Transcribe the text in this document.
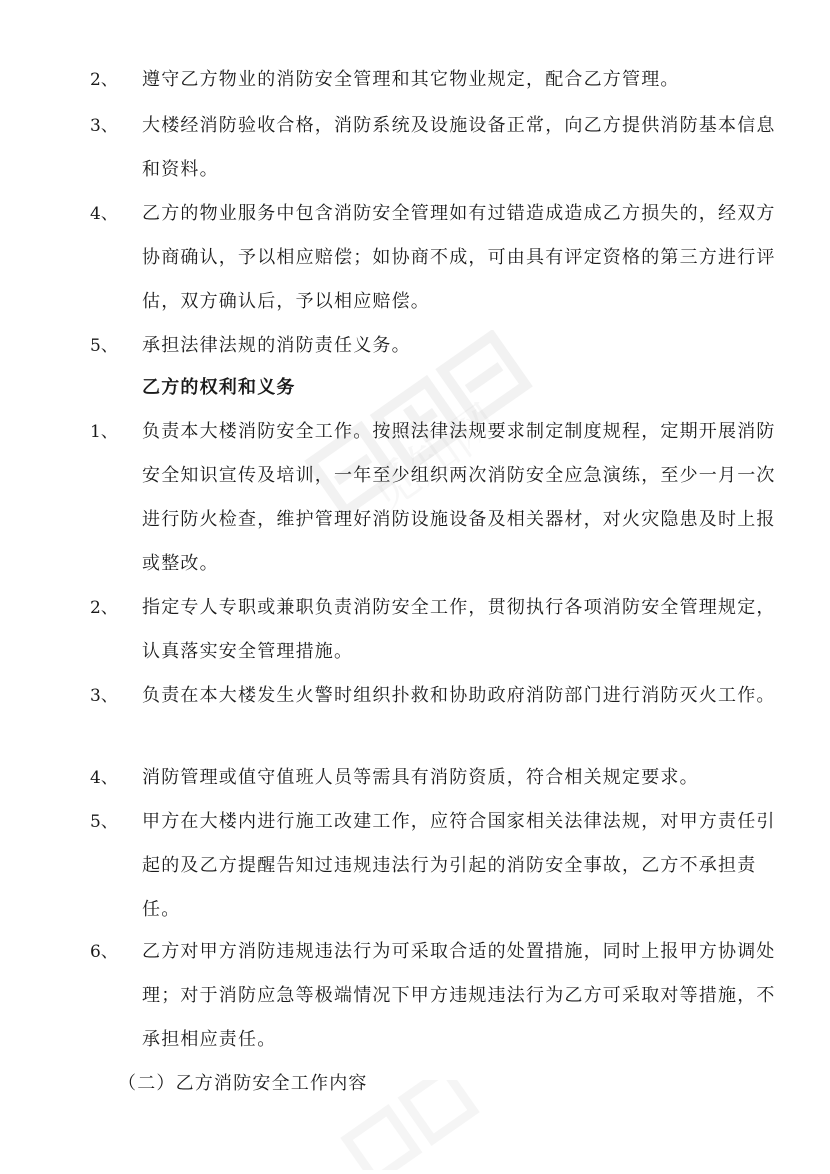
2、	遵守乙方物业的消防安全管理和其它物业规定，配合乙方管理。
3、	大楼经消防验收合格，消防系统及设施设备正常，向乙方提供消防基本信息和资料。
4、	乙方的物业服务中包含消防安全管理如有过错造成造成乙方损失的，经双方协商确认，予以相应赔偿；如协商不成，可由具有评定资格的第三方进行评估，双方确认后，予以相应赔偿。
5、	承担法律法规的消防责任义务。
乙方的权利和义务
1、	负责本大楼消防安全工作。按照法律法规要求制定制度规程，定期开展消防安全知识宣传及培训，一年至少组织两次消防安全应急演练，至少一月一次进行防火检查，维护管理好消防设施设备及相关器材，对火灾隐患及时上报或整改。
2、	指定专人专职或兼职负责消防安全工作，贯彻执行各项消防安全管理规定，认真落实安全管理措施。
3、	负责在本大楼发生火警时组织扑救和协助政府消防部门进行消防灭火工作。
4、	消防管理或值守值班人员等需具有消防资质，符合相关规定要求。
5、	甲方在大楼内进行施工改建工作，应符合国家相关法律法规，对甲方责任引起的及乙方提醒告知过违规违法行为引起的消防安全事故，乙方不承担责任。
6、	乙方对甲方消防违规违法行为可采取合适的处置措施，同时上报甲方协调处理；对于消防应急等极端情况下甲方违规违法行为乙方可采取对等措施，不承担相应责任。
（二）乙方消防安全工作内容
觅知网
